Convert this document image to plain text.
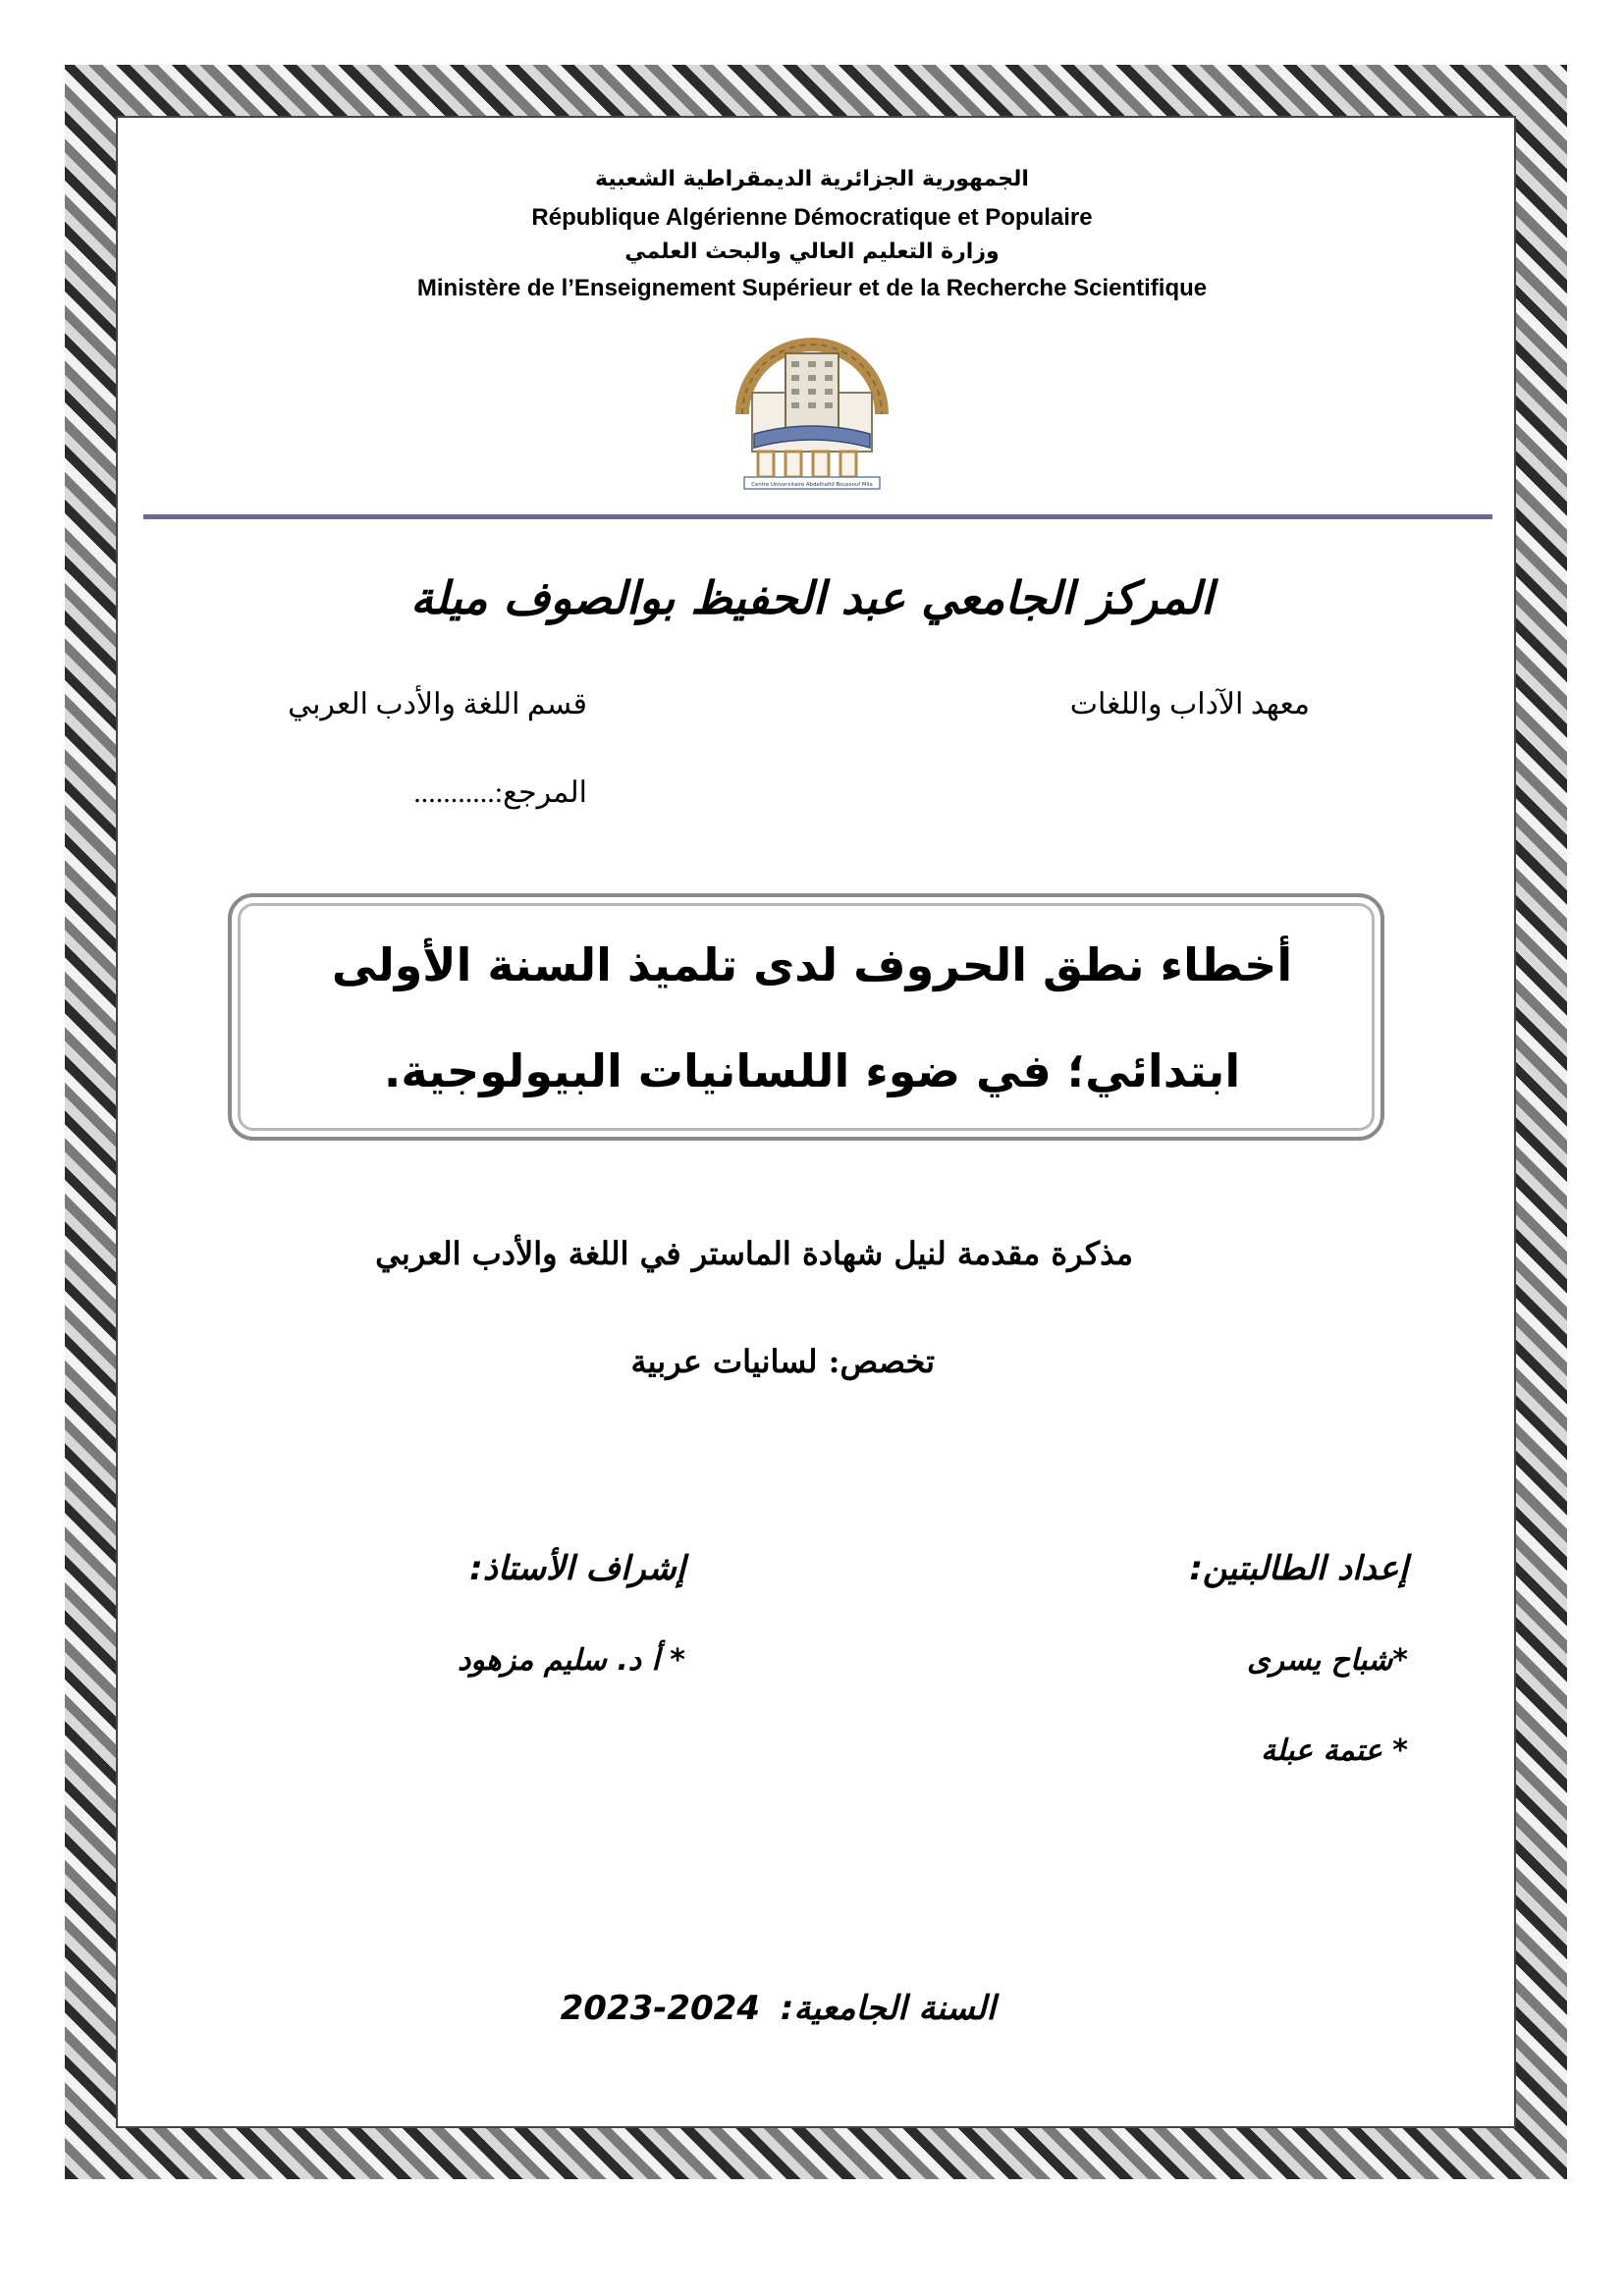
الجمهورية الجزائرية الديمقراطية الشعبية
République Algérienne Démocratique et Populaire
وزارة التعليم العالي والبحث العلمي
Ministère de l’Enseignement Supérieur et de la Recherche Scientifique
Centre Universitaire Abdelhafid Boussouf Mila
المركز الجامعي عبد الحفيظ بوالصوف ميلة
معهد الآداب واللغات
قسم اللغة والأدب العربي
المرجع:...........
أخطاء نطق الحروف لدى تلميذ السنة الأولى
ابتدائي؛ في ضوء اللسانيات البيولوجية.
مذكرة مقدمة لنيل شهادة الماستر في اللغة والأدب العربي
تخصص: لسانيات عربية
إعداد الطالبتين:
إشراف الأستاذ:
*شباح يسرى
* أ د. سليم مزهود
* عتمة عبلة
السنة الجامعية:
2023-2024
